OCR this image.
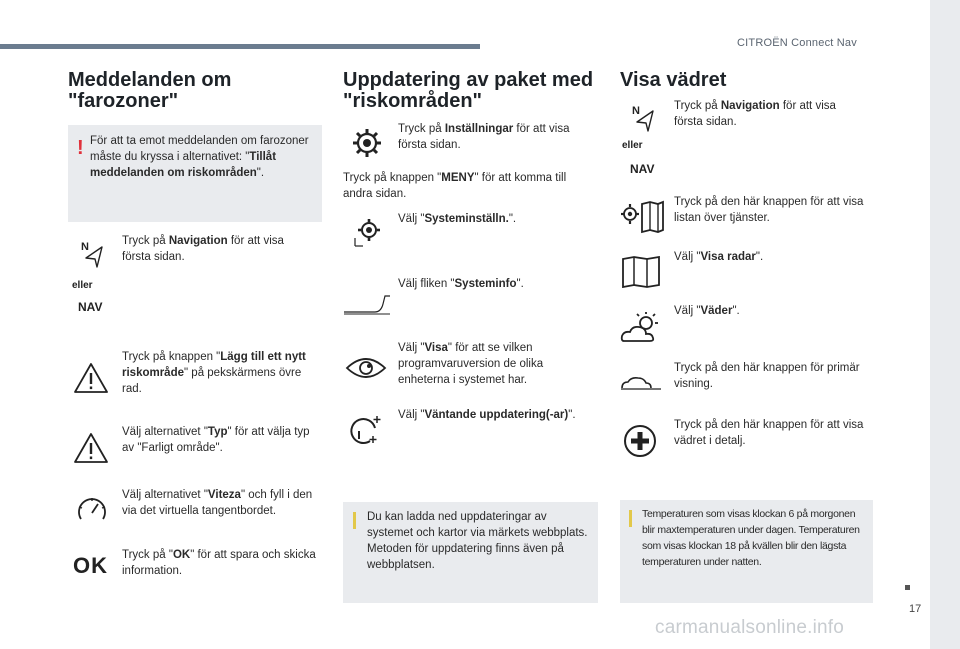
CITROËN Connect Nav
17
carmanualsonline.info
Meddelanden om
"farozoner"
! För att ta emot meddelanden om farozoner måste du kryssa i alternativet: "Tillåt meddelanden om riskområden".
N
eller
NAV
Tryck på Navigation för att visa första sidan.
Tryck på knappen "Lägg till ett nytt riskområde" på pekskärmens övre rad.
Välj alternativet "Typ" för att välja typ av "Farligt område".
Välj alternativet "Viteza" och fyll i den via det virtuella tangentbordet.
OK Tryck på "OK" för att spara och skicka information.
Uppdatering av paket med
"riskområden"
Tryck på Inställningar för att visa första sidan.
Tryck på knappen "MENY" för att komma till andra sidan.
Välj "Systeminställn.".
Välj fliken "Systeminfo".
Välj "Visa" för att se vilken programvaruversion de olika enheterna i systemet har.
Välj "Väntande uppdatering(-ar)".
Du kan ladda ned uppdateringar av systemet och kartor via märkets webbplats.
Metoden för uppdatering finns även på webbplatsen.
Visa vädret
N
eller
NAV
Tryck på Navigation för att visa första sidan.
Tryck på den här knappen för att visa listan över tjänster.
Välj "Visa radar".
Välj "Väder".
Tryck på den här knappen för primär visning.
Tryck på den här knappen för att visa vädret i detalj.
Temperaturen som visas klockan 6 på morgonen blir maxtemperaturen under dagen. Temperaturen som visas klockan 18 på kvällen blir den lägsta temperaturen under natten.
